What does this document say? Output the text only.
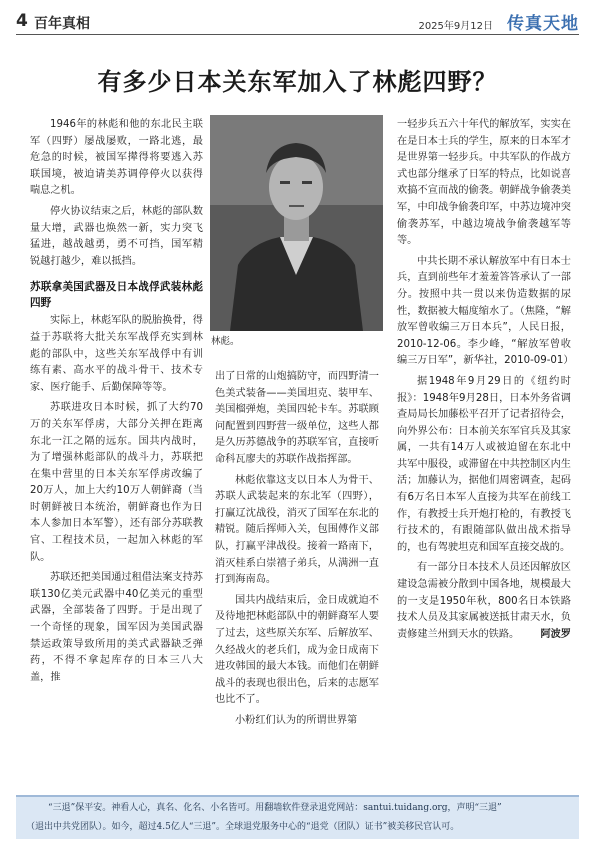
4 百年真相	2025年9月12日 传真天地
有多少日本关东军加入了林彪四野？

1946年的林彪和他的东北民主联军（四野）屡战屡败，一路北逃，最危急的时候，被国军撵得将要逃入苏联国境，被迫请美苏调停停火以获得喘息之机。

停火协议结束之后，林彪的部队数量大增，武器也焕然一新，实力突飞猛进，越战越勇，勇不可挡，国军精锐越打越少，难以抵挡。

苏联拿美国武器及日本战俘武装林彪四野

实际上，林彪军队的脱胎换骨，得益于苏联将大批关东军战俘充实到林彪的部队中，这些关东军战俘中有训练有素、高水平的战斗骨干、技术专家、医疗能手、后勤保障等等。

苏联进攻日本时候，抓了大约70万的关东军俘虏，大部分关押在距离东北一江之隔的远东。国共内战时，为了增强林彪部队的战斗力，苏联把在集中营里的日本关东军俘虏改编了20万人，加上大约10万人朝鲜裔（当时朝鲜被日本统治，朝鲜裔也作为日本人参加日本军警），还有部分苏联教官、工程技术员，一起加入林彪的军队。

苏联还把美国通过租借法案支持苏联130亿美元武器中40亿美元的重型武器，全部装备了四野。于是出现了一个奇怪的现象，国军因为美国武器禁运政策导致所用的美式武器缺乏弹药，不得不拿起库存的日本三八大盖，推

林彪。

出了日常的山炮搞防守，而四野清一色美式装备——美国坦克、装甲车、美国榴弹炮，美国四轮卡车。苏联顾问配置到四野营一级单位，这些人都是久历苏德战争的苏联军官，直接听命科瓦廖夫的苏联作战指挥部。

林彪依靠这支以日本人为骨干、苏联人武装起来的东北军（四野），打赢辽沈战役，消灭了国军在东北的精锐。随后挥师入关，包围傅作义部队，打赢平津战役。接着一路南下，消灭桂系白崇禧子弟兵，从满洲一直打到海南岛。

国共内战结束后，金日成就迫不及待地把林彪部队中的朝鲜裔军人要了过去，这些原关东军、后解放军、久经战火的老兵们，成为金日成南下进攻韩国的最大本钱。而他们在朝鲜战斗的表现也很出色，后来的志愿军也比不了。

小粉红们认为的所谓世界第

一轻步兵五六十年代的解放军，实实在在是日本士兵的学生，原来的日本军才是世界第一轻步兵。中共军队的作战方式也部分继承了日军的特点，比如说喜欢搞不宣而战的偷袭。朝鲜战争偷袭美军，中印战争偷袭印军，中苏边境冲突偷袭苏军，中越边境战争偷袭越军等等。

中共长期不承认解放军中有日本士兵，直到前些年才羞羞答答承认了一部分。按照中共一贯以来伪造数据的尿性，数据被大幅度缩水了。（焦隆，“解放军曾收编三万日本兵”，人民日报，2010-12-06。李少峰，“解放军曾收编三万日军”，新华社，2010-09-01）

据1948年9月29日的《纽约时报》：1948年9月28日，日本外务省调查局局长加藤松平召开了记者招待会，向外界公布：日本前关东军官兵及其家属，一共有14万人或被迫留在东北中共军中服役，或滞留在中共控制区内生活；加藤认为，据他们周密调查，起码有6万名日本军人直接为共军在前线工作，有教授士兵开炮打枪的，有教授飞行技术的，有跟随部队做出战术指导的，也有驾驶坦克和国军直接交战的。

有一部分日本技术人员还因解放区建设急需被分散到中国各地，规模最大的一支是1950年秋，800名日本铁路技术人员及其家属被送抵甘肃天水，负责修建兰州到天水的铁路。	阿波罗

“三退”保平安。神看人心，真名、化名、小名皆可。用翻墙软件登录退党网站：santui.tuidang.org，声明“三退”
（退出中共党团队）。如今，超过4.5亿人“三退”。全球退党服务中心的“退党（团队）证书”被美移民官认可。
